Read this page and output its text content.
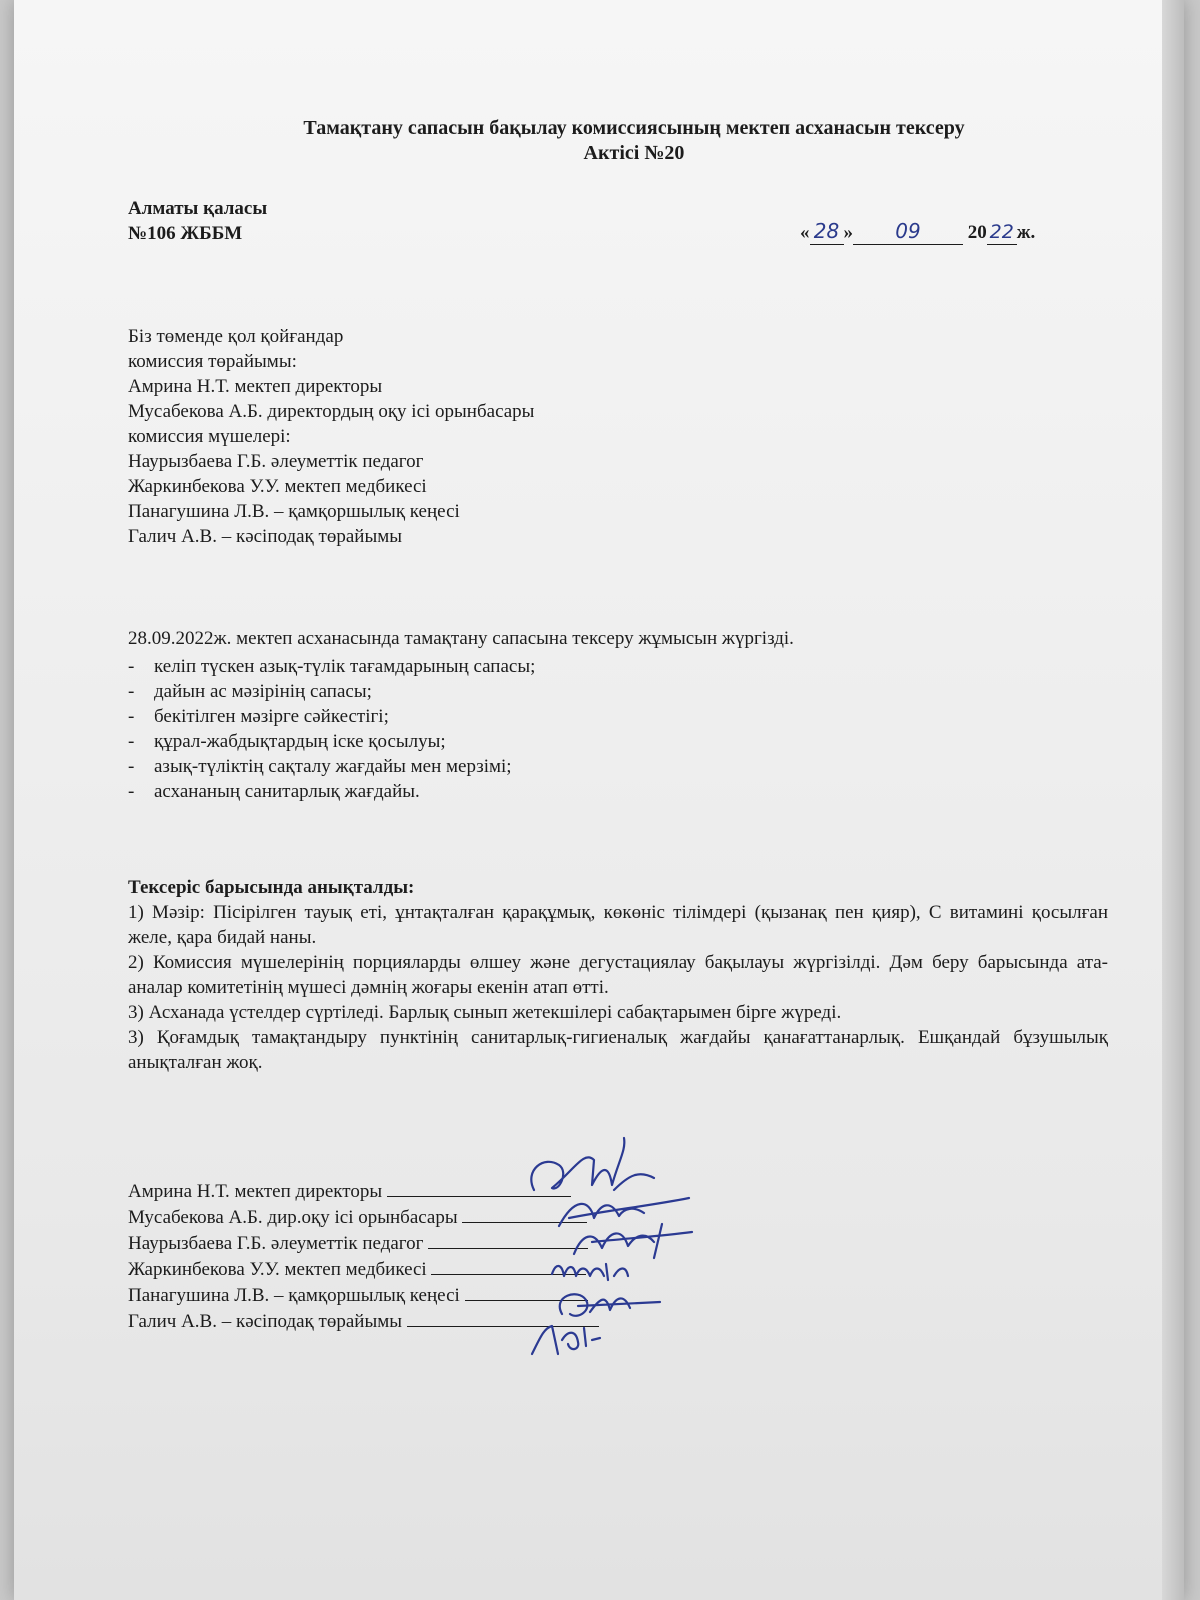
Тамақтану сапасын бақылау комиссиясының мектеп асханасын тексеру
Актісі №20
Алматы қаласы
№106 ЖББМ	« 28 » 09 20 22 ж.
Біз төменде қол қойғандар
комиссия төрайымы:
Амрина Н.Т. мектеп директоры
Мусабекова А.Б. директордың оқу ісі орынбасары
комиссия мүшелері:
Наурызбаева Г.Б. әлеуметтік педагог
Жаркинбекова У.У. мектеп медбикесі
Панагушина Л.В. – қамқоршылық кеңесі
Галич А.В. – кәсіподақ төрайымы
28.09.2022ж. мектеп асханасында тамақтану сапасына тексеру жұмысын жүргізді.
- келіп түскен азық-түлік тағамдарының сапасы;
- дайын ас мәзірінің сапасы;
- бекітілген мәзірге сәйкестігі;
- құрал-жабдықтардың іске қосылуы;
- азық-түліктің сақталу жағдайы мен мерзімі;
- асхананың санитарлық жағдайы.
Тексеріс барысында анықталды:
1) Мәзір: Пісірілген тауық еті, ұнтақталған қарақұмық, көкөніс тілімдері (қызанақ пен қияр), С витамині қосылған желе, қара бидай наны.
2) Комиссия мүшелерінің порцияларды өлшеу және дегустациялау бақылауы жүргізілді. Дәм беру барысында ата-аналар комитетінің мүшесі дәмнің жоғары екенін атап өтті.
3) Асханада үстелдер сүртіледі. Барлық сынып жетекшілері сабақтарымен бірге жүреді.
3) Қоғамдық тамақтандыру пунктінің санитарлық-гигиеналық жағдайы қанағаттанарлық. Ешқандай бұзушылық анықталған жоқ.
Амрина Н.Т. мектеп директоры
Мусабекова А.Б. дир.оқу ісі орынбасары
Наурызбаева Г.Б. әлеуметтік педагог
Жаркинбекова У.У. мектеп медбикесі
Панагушина Л.В. – қамқоршылық кеңесі
Галич А.В. – кәсіподақ төрайымы
